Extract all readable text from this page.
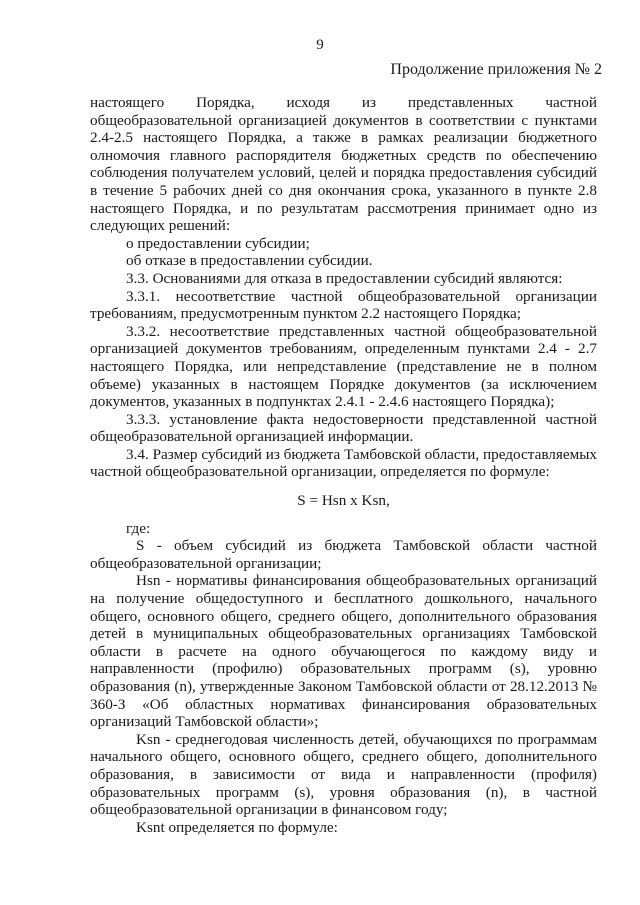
9
Продолжение приложения № 2

настоящего Порядка, исходя из представленных частной общеобразовательной организацией документов в соответствии с пунктами 2.4-2.5 настоящего Порядка, а также в рамках реализации бюджетного олномочия главного распорядителя бюджетных средств по обеспечению соблюдения получателем условий, целей и порядка предоставления субсидий в течение 5 рабочих дней со дня окончания срока, указанного в пункте 2.8 настоящего Порядка, и по результатам рассмотрения принимает одно из следующих решений:

о предоставлении субсидии;

об отказе в предоставлении субсидии.

3.3. Основаниями для отказа в предоставлении субсидий являются:

3.3.1. несоответствие частной общеобразовательной организации требованиям, предусмотренным пунктом 2.2 настоящего Порядка;

3.3.2. несоответствие представленных частной общеобразовательной организацией документов требованиям, определенным пунктами 2.4 - 2.7 настоящего Порядка, или непредставление (представление не в полном объеме) указанных в настоящем Порядке документов (за исключением документов, указанных в подпунктах 2.4.1 - 2.4.6 настоящего Порядка);

3.3.3. установление факта недостоверности представленной частной общеобразовательной организацией информации.

3.4. Размер субсидий из бюджета Тамбовской области, предоставляемых частной общеобразовательной организации, определяется по формуле:

S = Hsn x Ksn,

где:

S - объем субсидий из бюджета Тамбовской области частной общеобразовательной организации;

Hsn - нормативы финансирования общеобразовательных организаций на получение общедоступного и бесплатного дошкольного, начального общего, основного общего, среднего общего, дополнительного образования детей в муниципальных общеобразовательных организациях Тамбовской области в расчете на одного обучающегося по каждому виду и направленности (профилю) образовательных программ (s), уровню образования (n), утвержденные Законом Тамбовской области от 28.12.2013 № 360-З «Об областных нормативах финансирования образовательных организаций Тамбовской области»;

Ksn - среднегодовая численность детей, обучающихся по программам начального общего, основного общего, среднего общего, дополнительного образования, в зависимости от вида и направленности (профиля) образовательных программ (s), уровня образования (n), в частной общеобразовательной организации в финансовом году;

Ksnt определяется по формуле:
